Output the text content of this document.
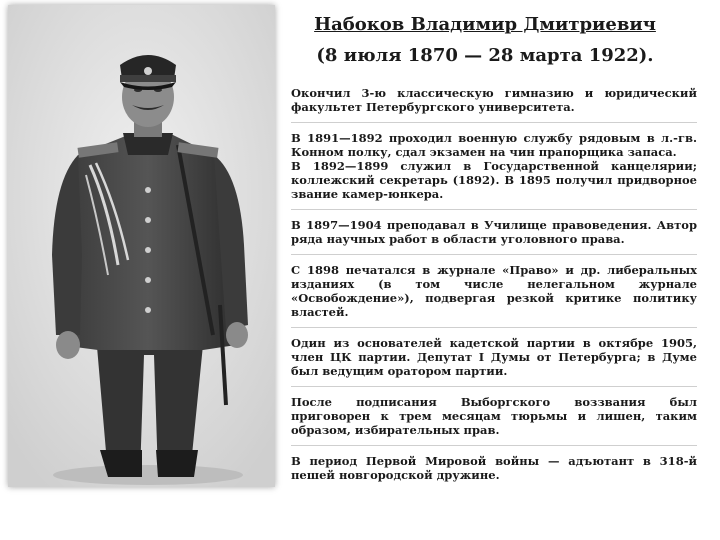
Набоков Владимир Дмитриевич
(8 июля 1870 — 28 марта 1922).

Окончил 3-ю классическую гимназию и юридический факультет Петербургского университета.

В 1891—1892 проходил военную службу рядовым в л.-гв. Конном полку, сдал экзамен на чин прапорщика запаса.

В 1892—1899 служил в Государственной канцелярии; коллежский секретарь (1892). В 1895 получил придворное звание камер-юнкера.

В 1897—1904 преподавал в Училище правоведения. Автор ряда научных работ в области уголовного права.

С 1898 печатался в журнале «Право» и др. либеральных изданиях (в том числе нелегальном журнале «Освобождение»), подвергая резкой критике политику властей.

Один из основателей кадетской партии в октябре 1905, член ЦК партии. Депутат I Думы от Петербурга; в Думе был ведущим оратором партии.

После подписания Выборгского воззвания был приговорен к трем месяцам тюрьмы и лишен, таким образом, избирательных прав.

В период Первой Мировой войны — адъютант в 318-й пешей новгородской дружине.
